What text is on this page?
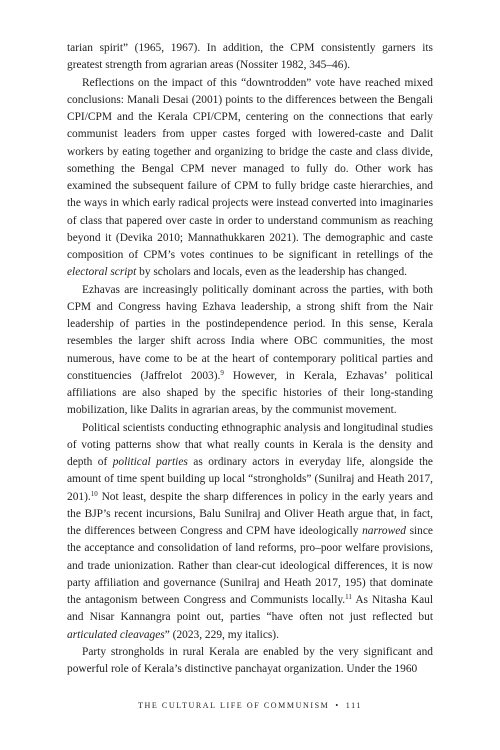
tarian spirit” (1965, 1967). In addition, the CPM consistently garners its greatest strength from agrarian areas (Nossiter 1982, 345–46).

Reflections on the impact of this “downtrodden” vote have reached mixed conclusions: Manali Desai (2001) points to the differences between the Bengali CPI/CPM and the Kerala CPI/CPM, centering on the connections that early communist leaders from upper castes forged with lowered-caste and Dalit workers by eating together and organizing to bridge the caste and class divide, something the Bengal CPM never managed to fully do. Other work has examined the subsequent failure of CPM to fully bridge caste hierarchies, and the ways in which early radical projects were instead converted into imaginaries of class that papered over caste in order to understand communism as reaching beyond it (Devika 2010; Mannathukkaren 2021). The demographic and caste composition of CPM’s votes continues to be significant in retellings of the electoral script by scholars and locals, even as the leadership has changed.

Ezhavas are increasingly politically dominant across the parties, with both CPM and Congress having Ezhava leadership, a strong shift from the Nair leadership of parties in the postindependence period. In this sense, Kerala resembles the larger shift across India where OBC communities, the most numerous, have come to be at the heart of contemporary political parties and constituencies (Jaffrelot 2003).$^9$ However, in Kerala, Ezhavas’ political affiliations are also shaped by the specific histories of their long-standing mobilization, like Dalits in agrarian areas, by the communist movement.

Political scientists conducting ethnographic analysis and longitudinal studies of voting patterns show that what really counts in Kerala is the density and depth of political parties as ordinary actors in everyday life, alongside the amount of time spent building up local “strongholds” (Sunilraj and Heath 2017, 201).$^{10}$ Not least, despite the sharp differences in policy in the early years and the BJP’s recent incursions, Balu Sunilraj and Oliver Heath argue that, in fact, the differences between Congress and CPM have ideologically narrowed since the acceptance and consolidation of land reforms, pro–poor welfare provisions, and trade unionization. Rather than clear-cut ideological differences, it is now party affiliation and governance (Sunilraj and Heath 2017, 195) that dominate the antagonism between Congress and Communists locally.$^{11}$ As Nitasha Kaul and Nisar Kannangra point out, parties “have often not just reflected but articulated cleavages” (2023, 229, my italics).

Party strongholds in rural Kerala are enabled by the very significant and powerful role of Kerala’s distinctive panchayat organization. Under the 1960

THE CULTURAL LIFE OF COMMUNISM • 111
